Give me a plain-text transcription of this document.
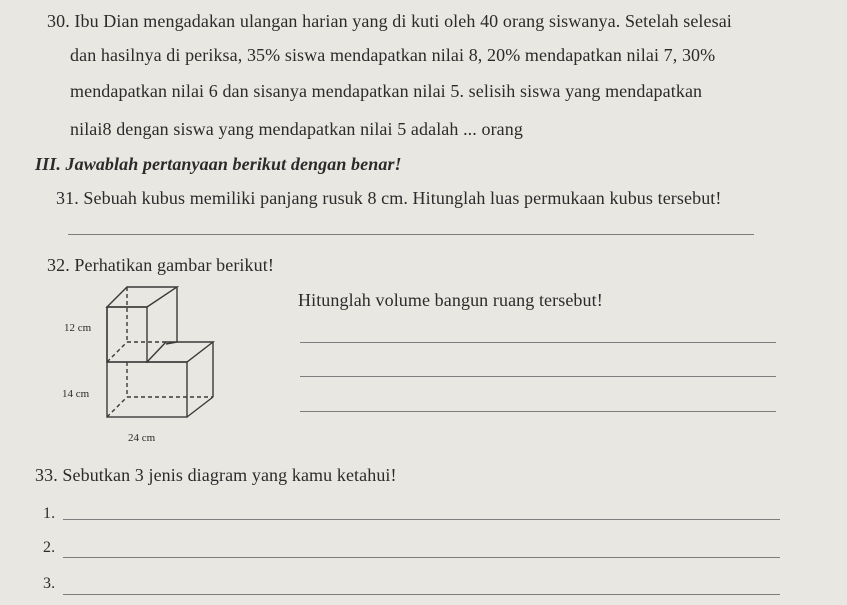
30. Ibu Dian mengadakan ulangan harian yang di kuti oleh 40 orang siswanya. Setelah selesai
dan hasilnya di periksa, 35% siswa mendapatkan nilai 8, 20% mendapatkan nilai 7, 30%
mendapatkan nilai 6 dan sisanya mendapatkan nilai 5. selisih siswa yang mendapatkan
nilai8 dengan siswa yang mendapatkan nilai 5 adalah ... orang
III. Jawablah pertanyaan berikut dengan benar!
31. Sebuah kubus memiliki panjang rusuk 8 cm. Hitunglah luas permukaan kubus tersebut!
32. Perhatikan gambar berikut!
Hitunglah volume bangun ruang tersebut!
12 cm
14 cm
24 cm
33. Sebutkan 3 jenis diagram yang kamu ketahui!
1.
2.
3.
